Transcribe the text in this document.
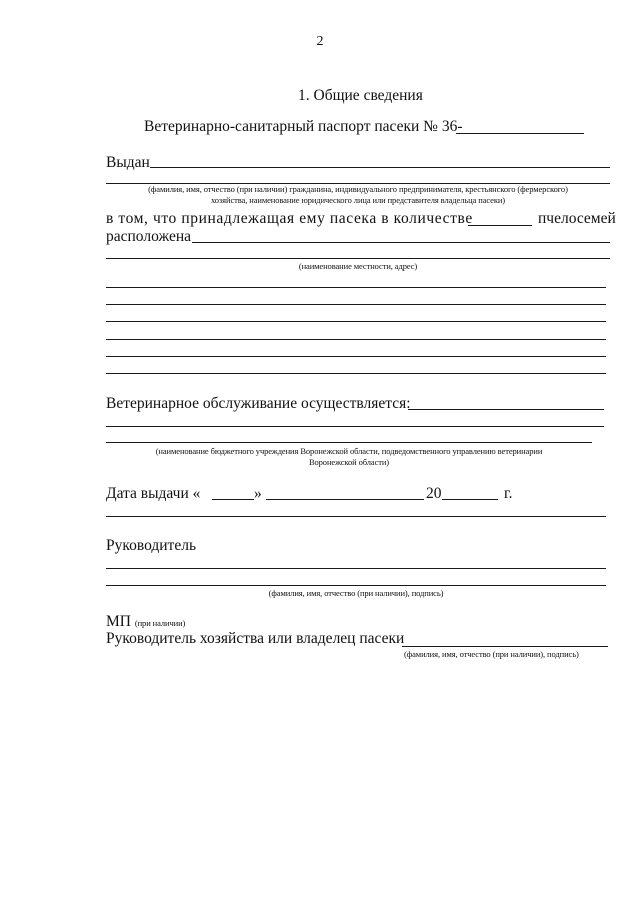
2
1. Общие сведения
Ветеринарно-санитарный паспорт пасеки № 36-
Выдан
(фамилия, имя, отчество (при наличии) гражданина, индивидуального предпринимателя, крестьянского (фермерского)
хозяйства, наименование юридического лица или представителя владельца пасеки)
в том, что принадлежащая ему пасека в количестве	пчелосемей
расположена
(наименование местности, адрес)
Ветеринарное обслуживание осуществляется:
(наименование бюджетного учреждения Воронежской области, подведомственного управлению ветеринарии
Воронежской области)
Дата выдачи «	»	20	г.
Руководитель
(фамилия, имя, отчество (при наличии), подпись)
МП (при наличии)
Руководитель хозяйства или владелец пасеки
(фамилия, имя, отчество (при наличии), подпись)
